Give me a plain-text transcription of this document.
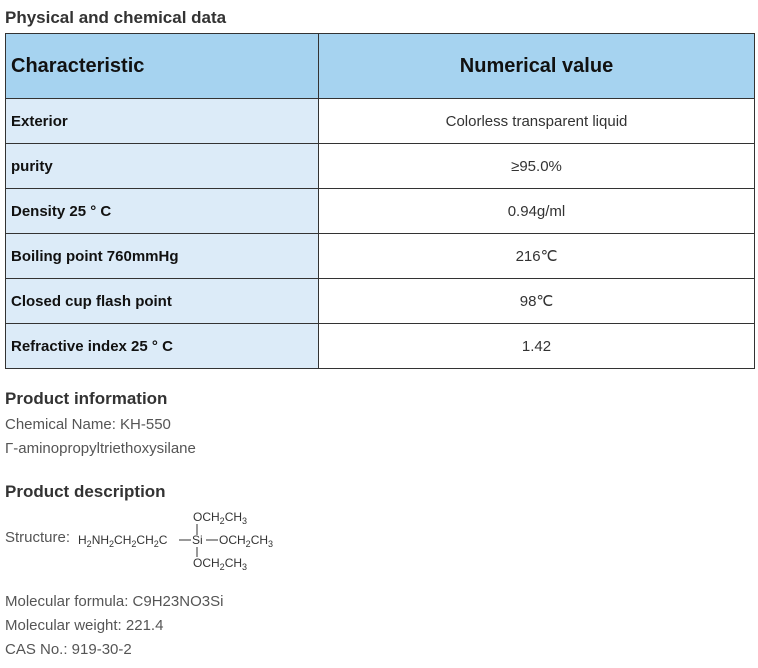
Physical and chemical data
Characteristic	Numerical value
Exterior	Colorless transparent liquid
purity	≥95.0%
Density 25 ° C	0.94g/ml
Boiling point 760mmHg	216℃
Closed cup flash point	98℃
Refractive index 25 ° C	1.42
Product information

Chemical Name: KH-550

Γ-aminopropyltriethoxysilane

Product description
Structure:
$OCH_2CH_3$
$H_2NH_2CH_2CH_2C$ Si $OCH_2CH_3$
$OCH_2CH_3$

Molecular formula: C9H23NO3Si

Molecular weight: 221.4

CAS No.: 919-30-2
